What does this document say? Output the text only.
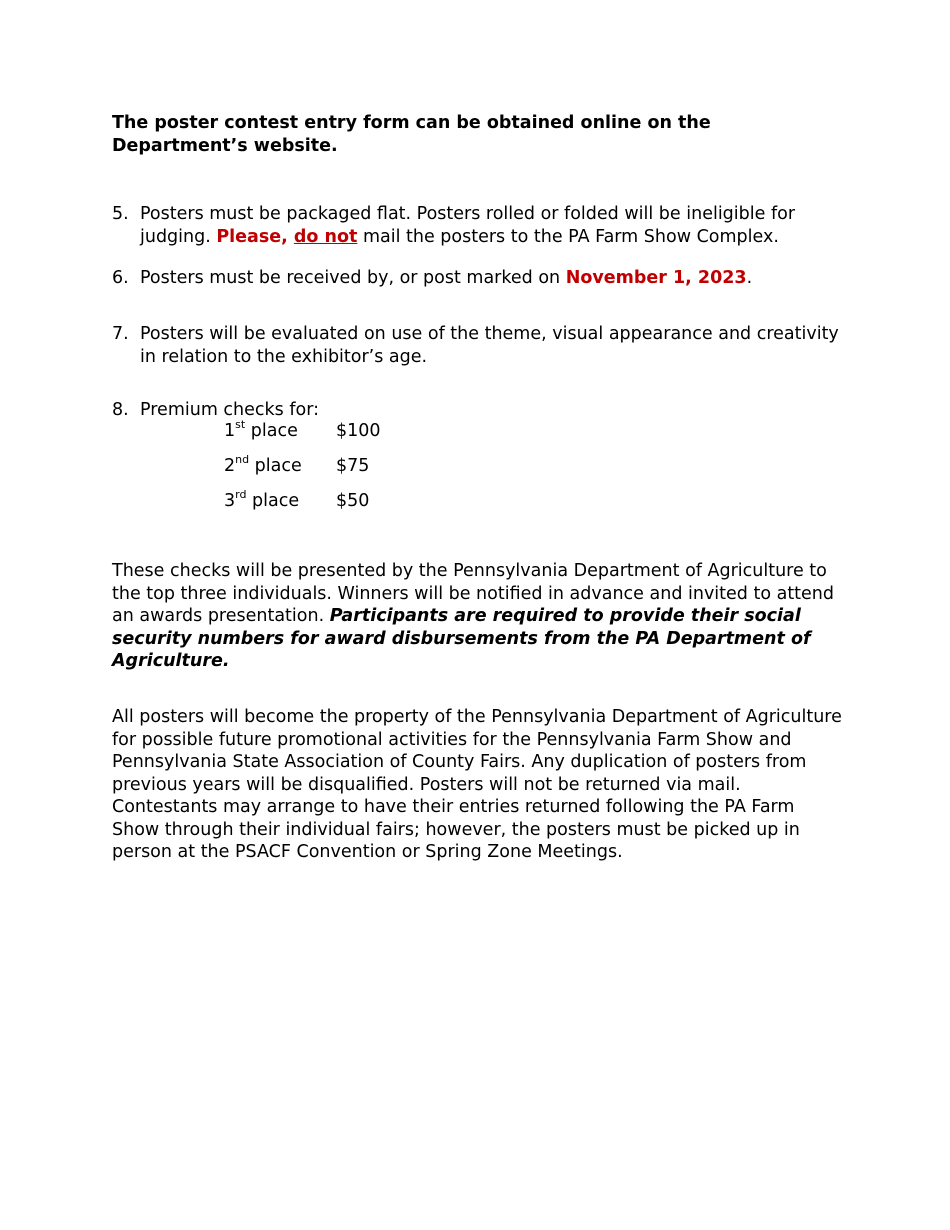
The poster contest entry form can be obtained online on the Department’s website.
5. Posters must be packaged flat. Posters rolled or folded will be ineligible for judging. Please, do not mail the posters to the PA Farm Show Complex.
6. Posters must be received by, or post marked on November 1, 2023.
7. Posters will be evaluated on use of the theme, visual appearance and creativity in relation to the exhibitor’s age.
8. Premium checks for:
1st place	$100
2nd place	$75
3rd place	$50
These checks will be presented by the Pennsylvania Department of Agriculture to the top three individuals. Winners will be notified in advance and invited to attend an awards presentation. Participants are required to provide their social security numbers for award disbursements from the PA Department of Agriculture.
All posters will become the property of the Pennsylvania Department of Agriculture for possible future promotional activities for the Pennsylvania Farm Show and Pennsylvania State Association of County Fairs. Any duplication of posters from previous years will be disqualified. Posters will not be returned via mail. Contestants may arrange to have their entries returned following the PA Farm Show through their individual fairs; however, the posters must be picked up in person at the PSACF Convention or Spring Zone Meetings.
